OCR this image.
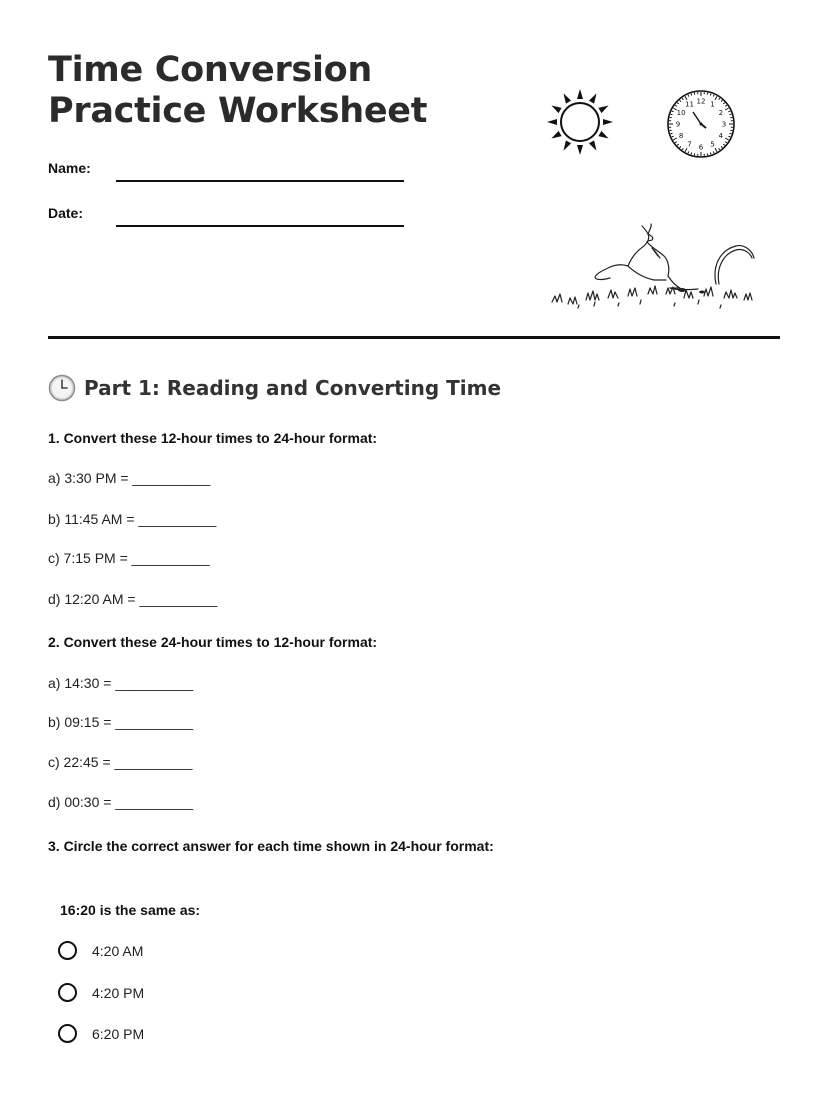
Time Conversion
Practice Worksheet
Name:
Date:
12 1
2
3
4
5
6
7
8
9
10
11
Part 1: Reading and Converting Time
1. Convert these 12-hour times to 24-hour format:
a) 3:30 PM = __________
b) 11:45 AM = __________
c) 7:15 PM = __________
d) 12:20 AM = __________
2. Convert these 24-hour times to 12-hour format:
a) 14:30 = __________
b) 09:15 = __________
c) 22:45 = __________
d) 00:30 = __________
3. Circle the correct answer for each time shown in 24-hour format:
16:20 is the same as:
4:20 AM
4:20 PM
6:20 PM
